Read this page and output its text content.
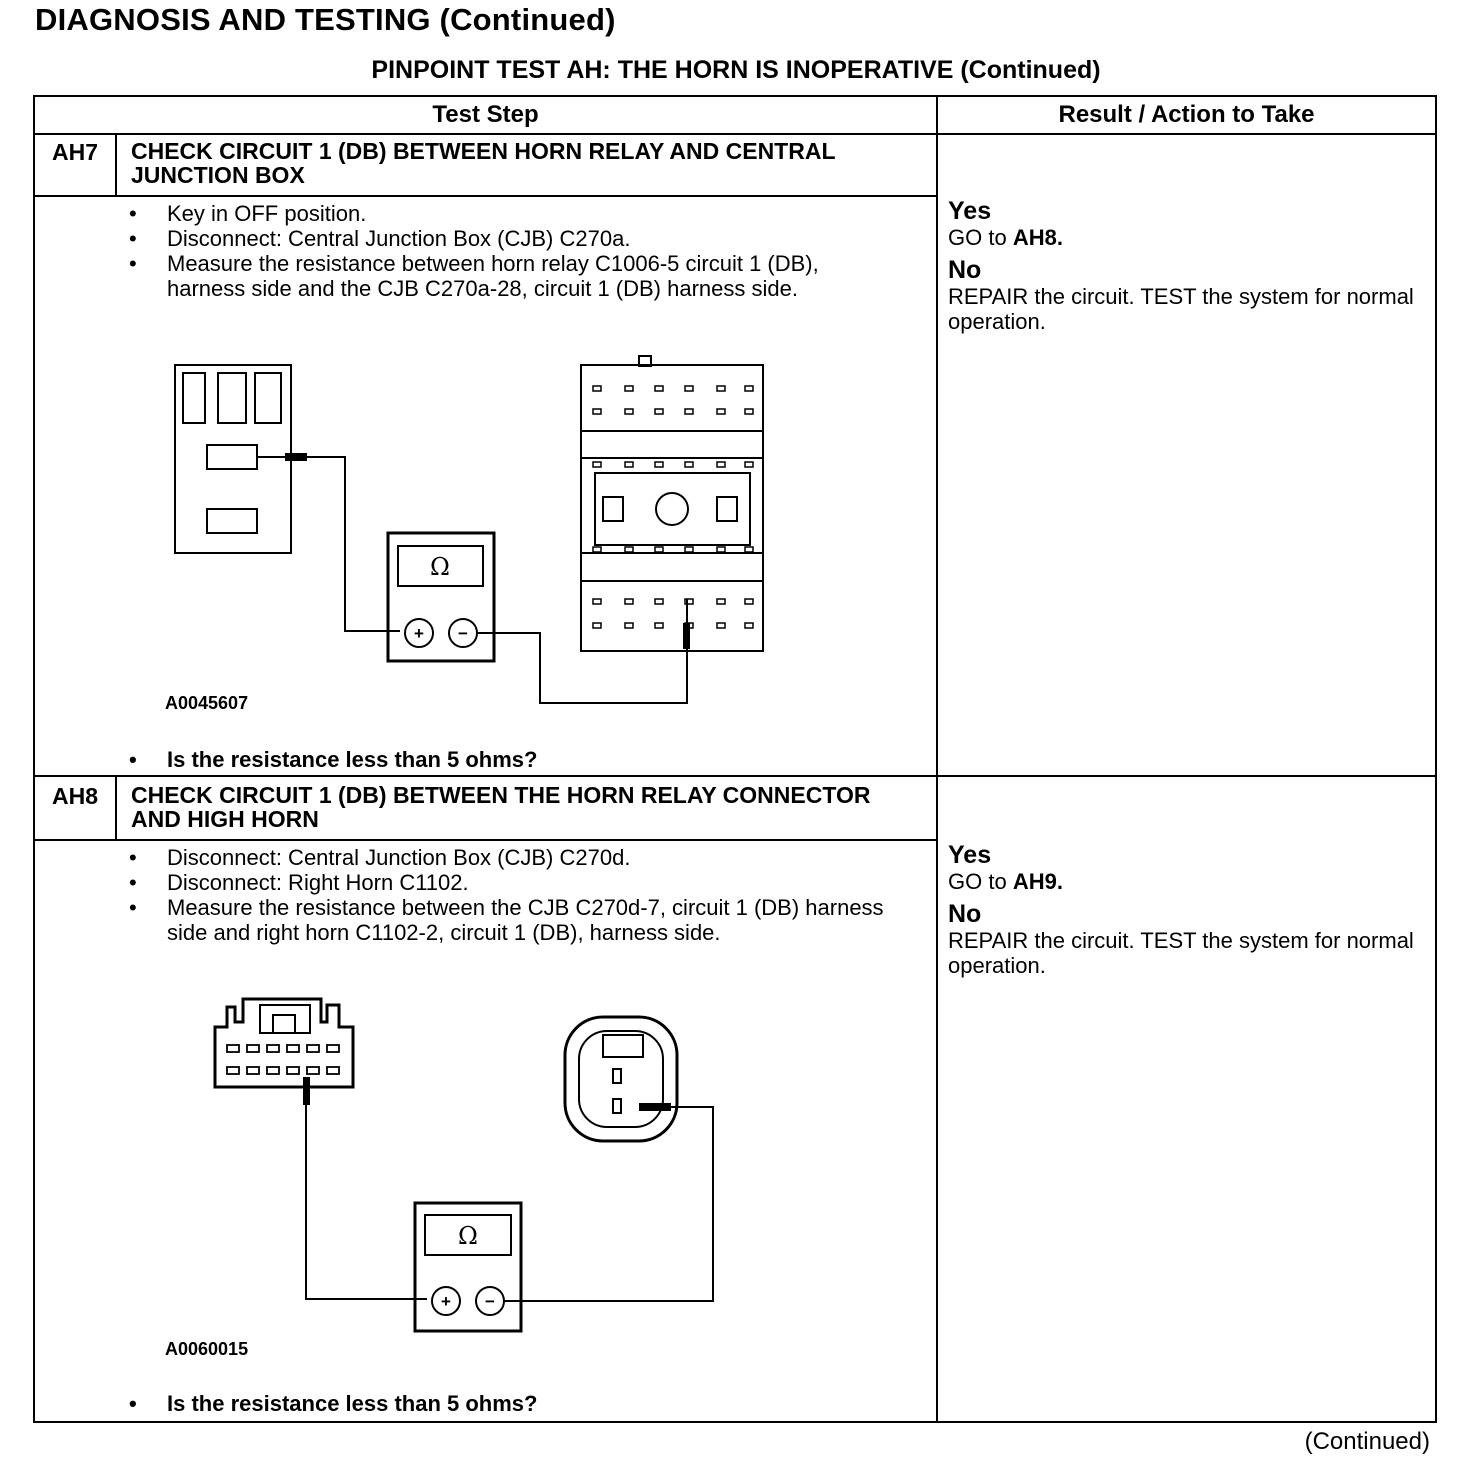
DIAGNOSIS AND TESTING (Continued)
PINPOINT TEST AH: THE HORN IS INOPERATIVE (Continued)
Test Step	Result / Action to Take
AH7	CHECK CIRCUIT 1 (DB) BETWEEN HORN RELAY AND CENTRAL JUNCTION BOX
• Key in OFF position.
• Disconnect: Central Junction Box (CJB) C270a.
• Measure the resistance between horn relay C1006-5 circuit 1 (DB), harness side and the CJB C270a-28, circuit 1 (DB) harness side.
Ω
+ −
A0045607
• Is the resistance less than 5 ohms?
Yes
GO to AH8.
No
REPAIR the circuit. TEST the system for normal operation.
AH8	CHECK CIRCUIT 1 (DB) BETWEEN THE HORN RELAY CONNECTOR AND HIGH HORN
• Disconnect: Central Junction Box (CJB) C270d.
• Disconnect: Right Horn C1102.
• Measure the resistance between the CJB C270d-7, circuit 1 (DB) harness side and right horn C1102-2, circuit 1 (DB), harness side.
Ω
+ −
A0060015
• Is the resistance less than 5 ohms?
Yes
GO to AH9.
No
REPAIR the circuit. TEST the system for normal operation.
(Continued)
